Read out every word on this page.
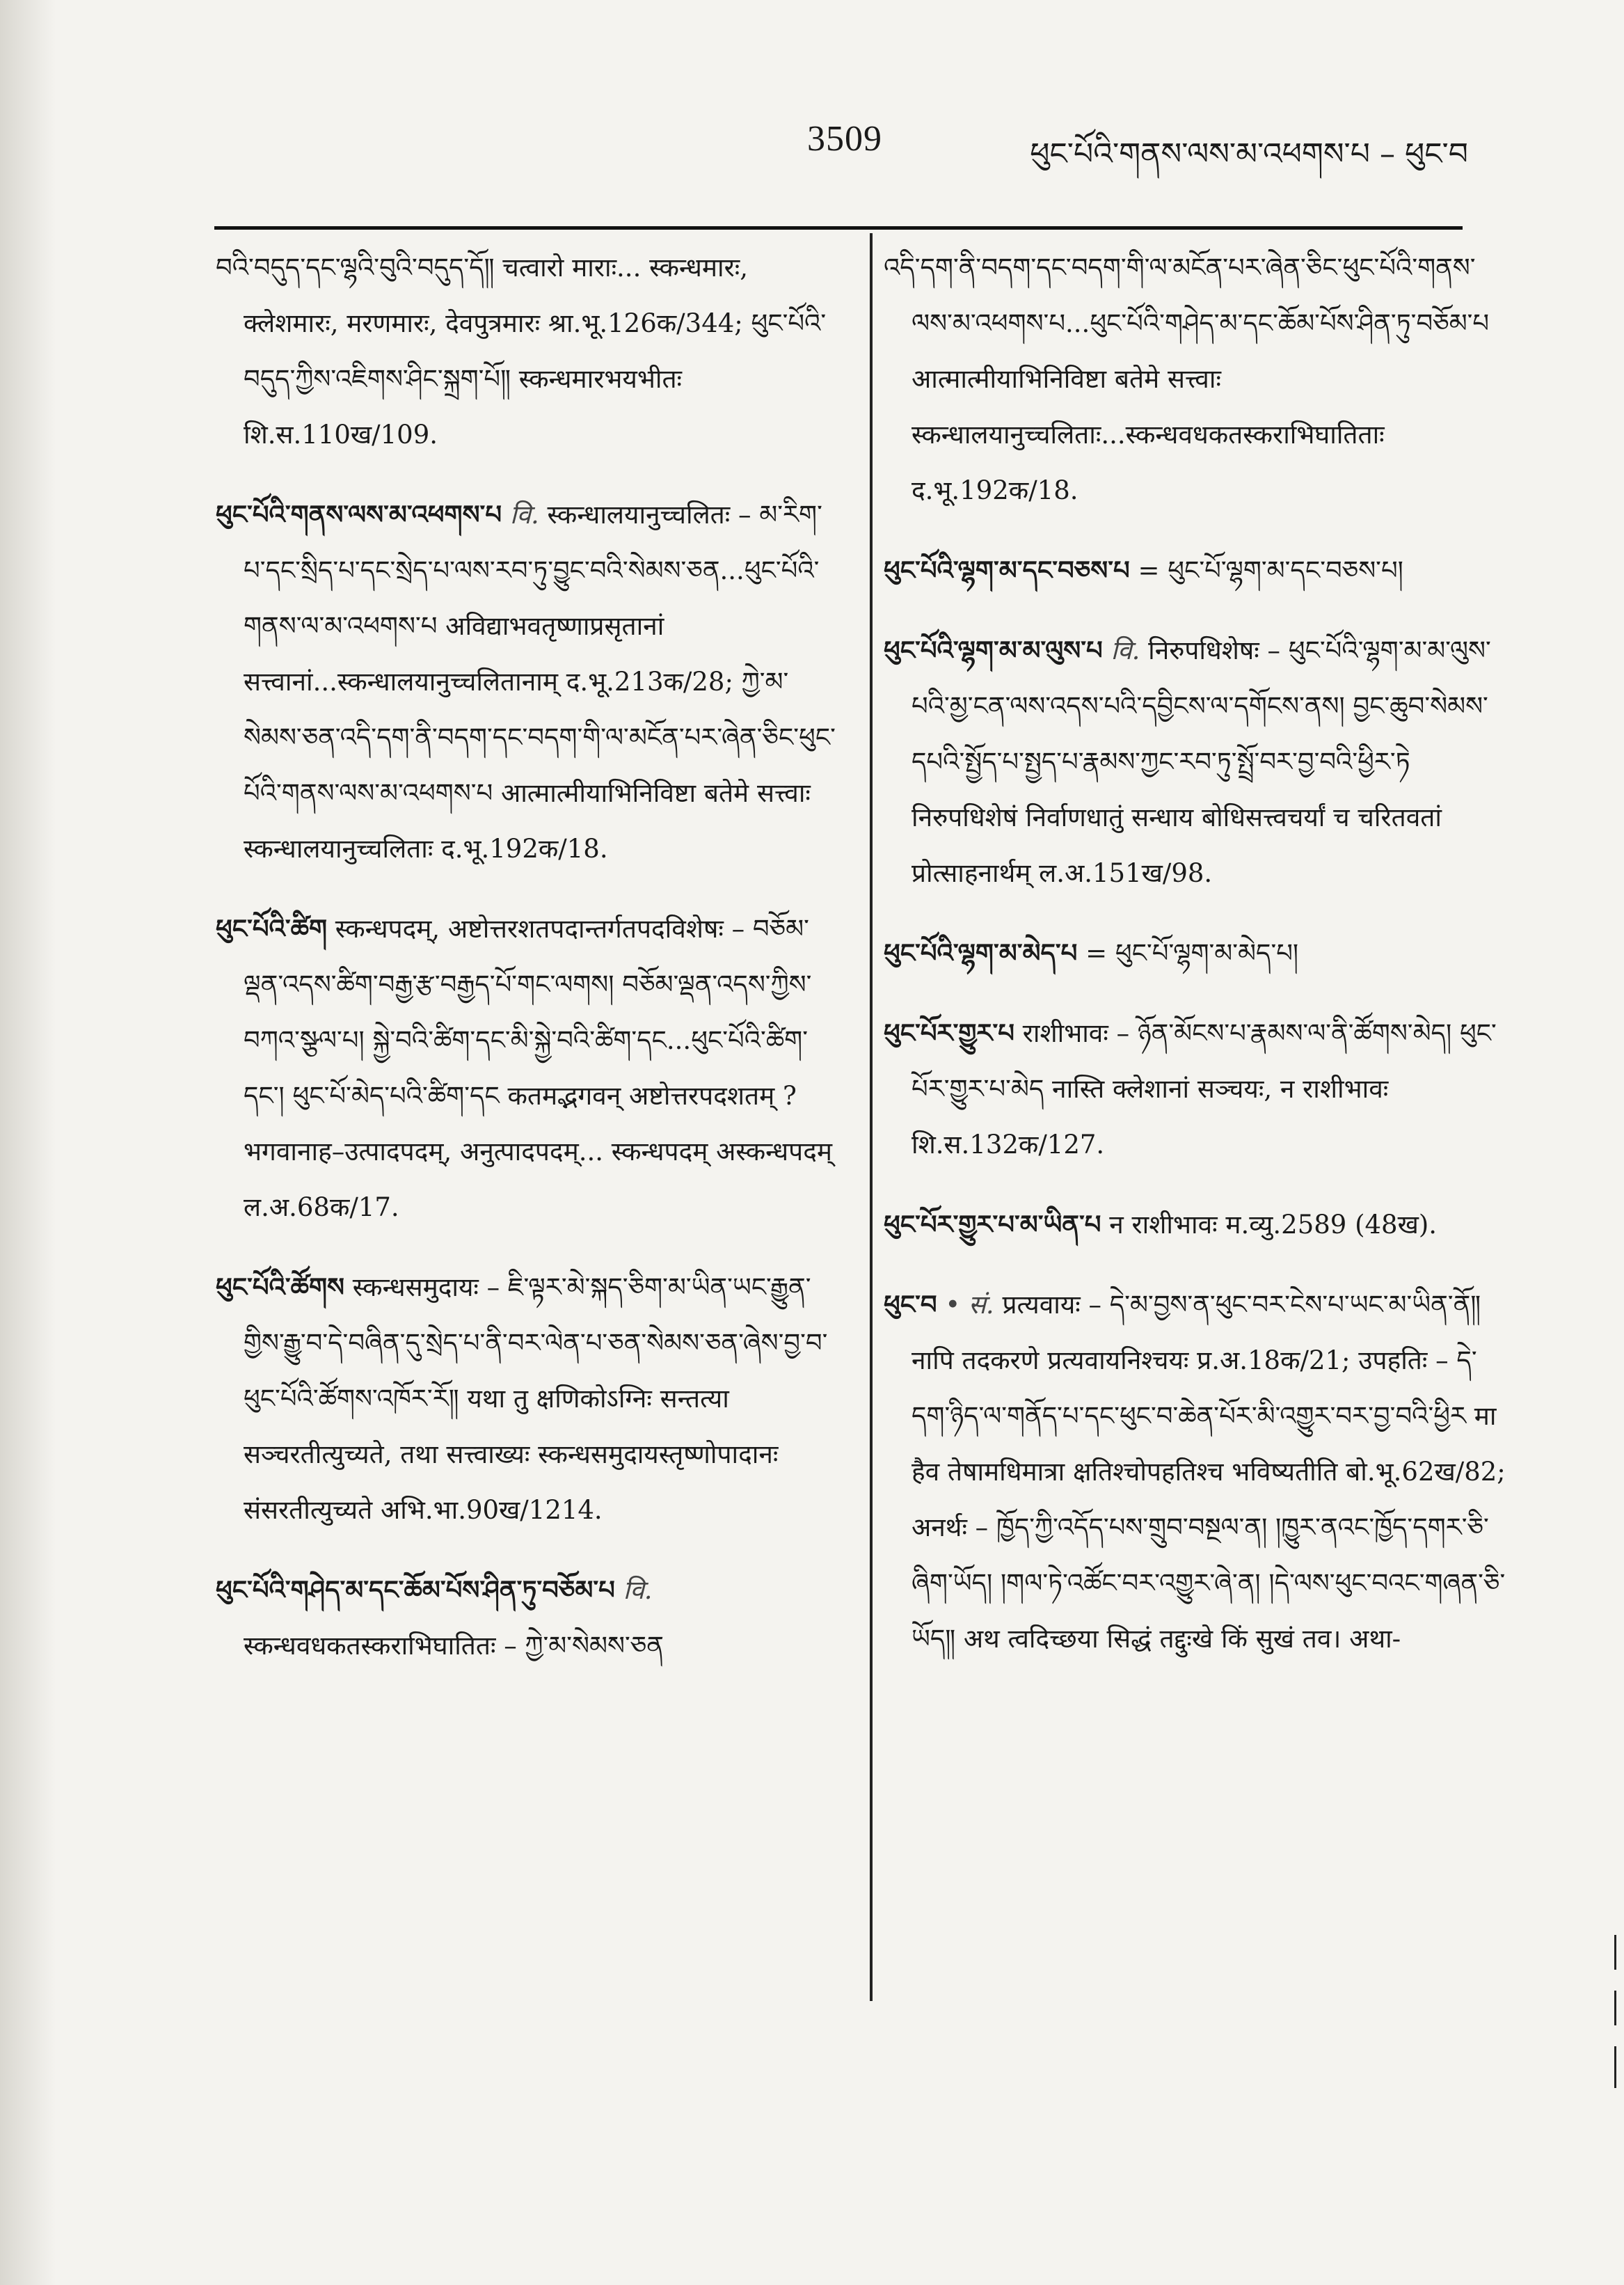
3509	ཕུང་པོའི་གནས་ལས་མ་འཕགས་པ – ཕུང་བ
བའི་བདུད་དང་ལྷའི་བུའི་བདུད་དོ༎ चत्वारो माराः... स्कन्धमारः, क्लेशमारः, मरणमारः, देवपुत्रमारः श्रा.भू.126क/344; ཕུང་པོའི་བདུད་ཀྱིས་འཇིགས་ཤིང་སྐྲག་པོ༎ स्कन्धमारभयभीतः शि.स.110ख/109.
ཕུང་པོའི་གནས་ལས་མ་འཕགས་པ वि. स्कन्धालयानुच्चलितः – མ་རིག་པ་དང་སྲིད་པ་དང་སྲེད་པ་ལས་རབ་ཏུ་བྱུང་བའི་སེམས་ཅན...ཕུང་པོའི་གནས་ལ་མ་འཕགས་པ अविद्याभवतृष्णाप्रसृतानां सत्त्वानां...स्कन्धालयानुच्चलितानाम् द.भू.213क/28; ཀྱེ་མ་སེམས་ཅན་འདི་དག་ནི་བདག་དང་བདག་གི་ལ་མངོན་པར་ཞེན་ཅིང་ཕུང་པོའི་གནས་ལས་མ་འཕགས་པ आत्मात्मीयाभिनिविष्टा बतेमे सत्त्वाः स्कन्धालयानुच्चलिताः द.भू.192क/18.
ཕུང་པོའི་ཚིག स्कन्धपदम्, अष्टोत्तरशतपदान्तर्गतपदविशेषः – བཅོམ་ལྡན་འདས་ཚིག་བརྒྱ་རྩ་བརྒྱད་པོ་གང་ལགས། བཅོམ་ལྡན་འདས་ཀྱིས་བཀའ་སྩལ་པ། སྐྱེ་བའི་ཚིག་དང་མི་སྐྱེ་བའི་ཚིག་དང...ཕུང་པོའི་ཚིག་དང་། ཕུང་པོ་མེད་པའི་ཚིག་དང कतमद्भगवन् अष्टोत्तरपदशतम् ? भगवानाह–उत्पादपदम्, अनुत्पादपदम्... स्कन्धपदम् अस्कन्धपदम् ल.अ.68क/17.
ཕུང་པོའི་ཚོགས स्कन्धसमुदायः – ཇི་ལྟར་མེ་སྐད་ཅིག་མ་ཡིན་ཡང་རྒྱུན་གྱིས་རྒྱུ་བ་དེ་བཞིན་དུ་སྲེད་པ་ནི་བར་ལེན་པ་ཅན་སེམས་ཅན་ཞེས་བྱ་བ་ཕུང་པོའི་ཚོགས་འཁོར་རོ༎ यथा तु क्षणिकोऽग्निः सन्तत्या सञ्चरतीत्युच्यते, तथा सत्त्वाख्यः स्कन्धसमुदायस्तृष्णोपादानः संसरतीत्युच्यते अभि.भा.90ख/1214.
ཕུང་པོའི་གཤེད་མ་དང་ཆོམ་པོས་ཤིན་ཏུ་བཅོམ་པ वि. स्कन्धवधकतस्कराभिघातितः – ཀྱེ་མ་སེམས་ཅན
འདི་དག་ནི་བདག་དང་བདག་གི་ལ་མངོན་པར་ཞེན་ཅིང་ཕུང་པོའི་གནས་ལས་མ་འཕགས་པ...ཕུང་པོའི་གཤེད་མ་དང་ཆོམ་པོས་ཤིན་ཏུ་བཅོམ་པ आत्मात्मीयाभिनिविष्टा बतेमे सत्त्वाः स्कन्धालयानुच्चलिताः...स्कन्धवधकतस्कराभिघातिताः द.भू.192क/18.
ཕུང་པོའི་ལྷག་མ་དང་བཅས་པ = ཕུང་པོ་ལྷག་མ་དང་བཅས་པ།
ཕུང་པོའི་ལྷག་མ་མ་ལུས་པ वि. निरुपधिशेषः – ཕུང་པོའི་ལྷག་མ་མ་ལུས་པའི་མྱ་ངན་ལས་འདས་པའི་དབྱིངས་ལ་དགོངས་ནས། བྱང་ཆུབ་སེམས་དཔའི་སྤྱོད་པ་སྤྱད་པ་རྣམས་ཀྱང་རབ་ཏུ་སྤྲོ་བར་བྱ་བའི་ཕྱིར་ཏེ निरुपधिशेषं निर्वाणधातुं सन्धाय बोधिसत्त्वचर्यां च चरितवतां प्रोत्साहनार्थम् ल.अ.151ख/98.
ཕུང་པོའི་ལྷག་མ་མེད་པ = ཕུང་པོ་ལྷག་མ་མེད་པ།
ཕུང་པོར་གྱུར་པ राशीभावः – ཉོན་མོངས་པ་རྣམས་ལ་ནི་ཚོགས་མེད། ཕུང་པོར་གྱུར་པ་མེད नास्ति क्लेशानां सञ्चयः, न राशीभावः शि.स.132क/127.
ཕུང་པོར་གྱུར་པ་མ་ཡིན་པ न राशीभावः म.व्यु.2589 (48ख).
ཕུང་བ • सं. प्रत्यवायः – དེ་མ་བྱས་ན་ཕུང་བར་ངེས་པ་ཡང་མ་ཡིན་ནོ༎ नापि तदकरणे प्रत्यवायनिश्चयः प्र.अ.18क/21; उपहतिः – དེ་དག་ཉིད་ལ་གནོད་པ་དང་ཕུང་བ་ཆེན་པོར་མི་འགྱུར་བར་བྱ་བའི་ཕྱིར मा हैव तेषामधिमात्रा क्षतिश्चोपहतिश्च भविष्यतीति बो.भू.62ख/82; अनर्थः – ཁྱོད་ཀྱི་འདོད་པས་གྲུབ་བསྔལ་ན། །ཁྱུར་ནའང་ཁྱོད་དགར་ཅི་ཞིག་ཡོད། །གལ་ཏེ་འཚོང་བར་འགྱུར་ཞེ་ན། །དེ་ལས་ཕུང་བའང་གཞན་ཅི་ཡོད༎ अथ त्वदिच्छया सिद्धं तद्दुःखे किं सुखं तव। अथा-
